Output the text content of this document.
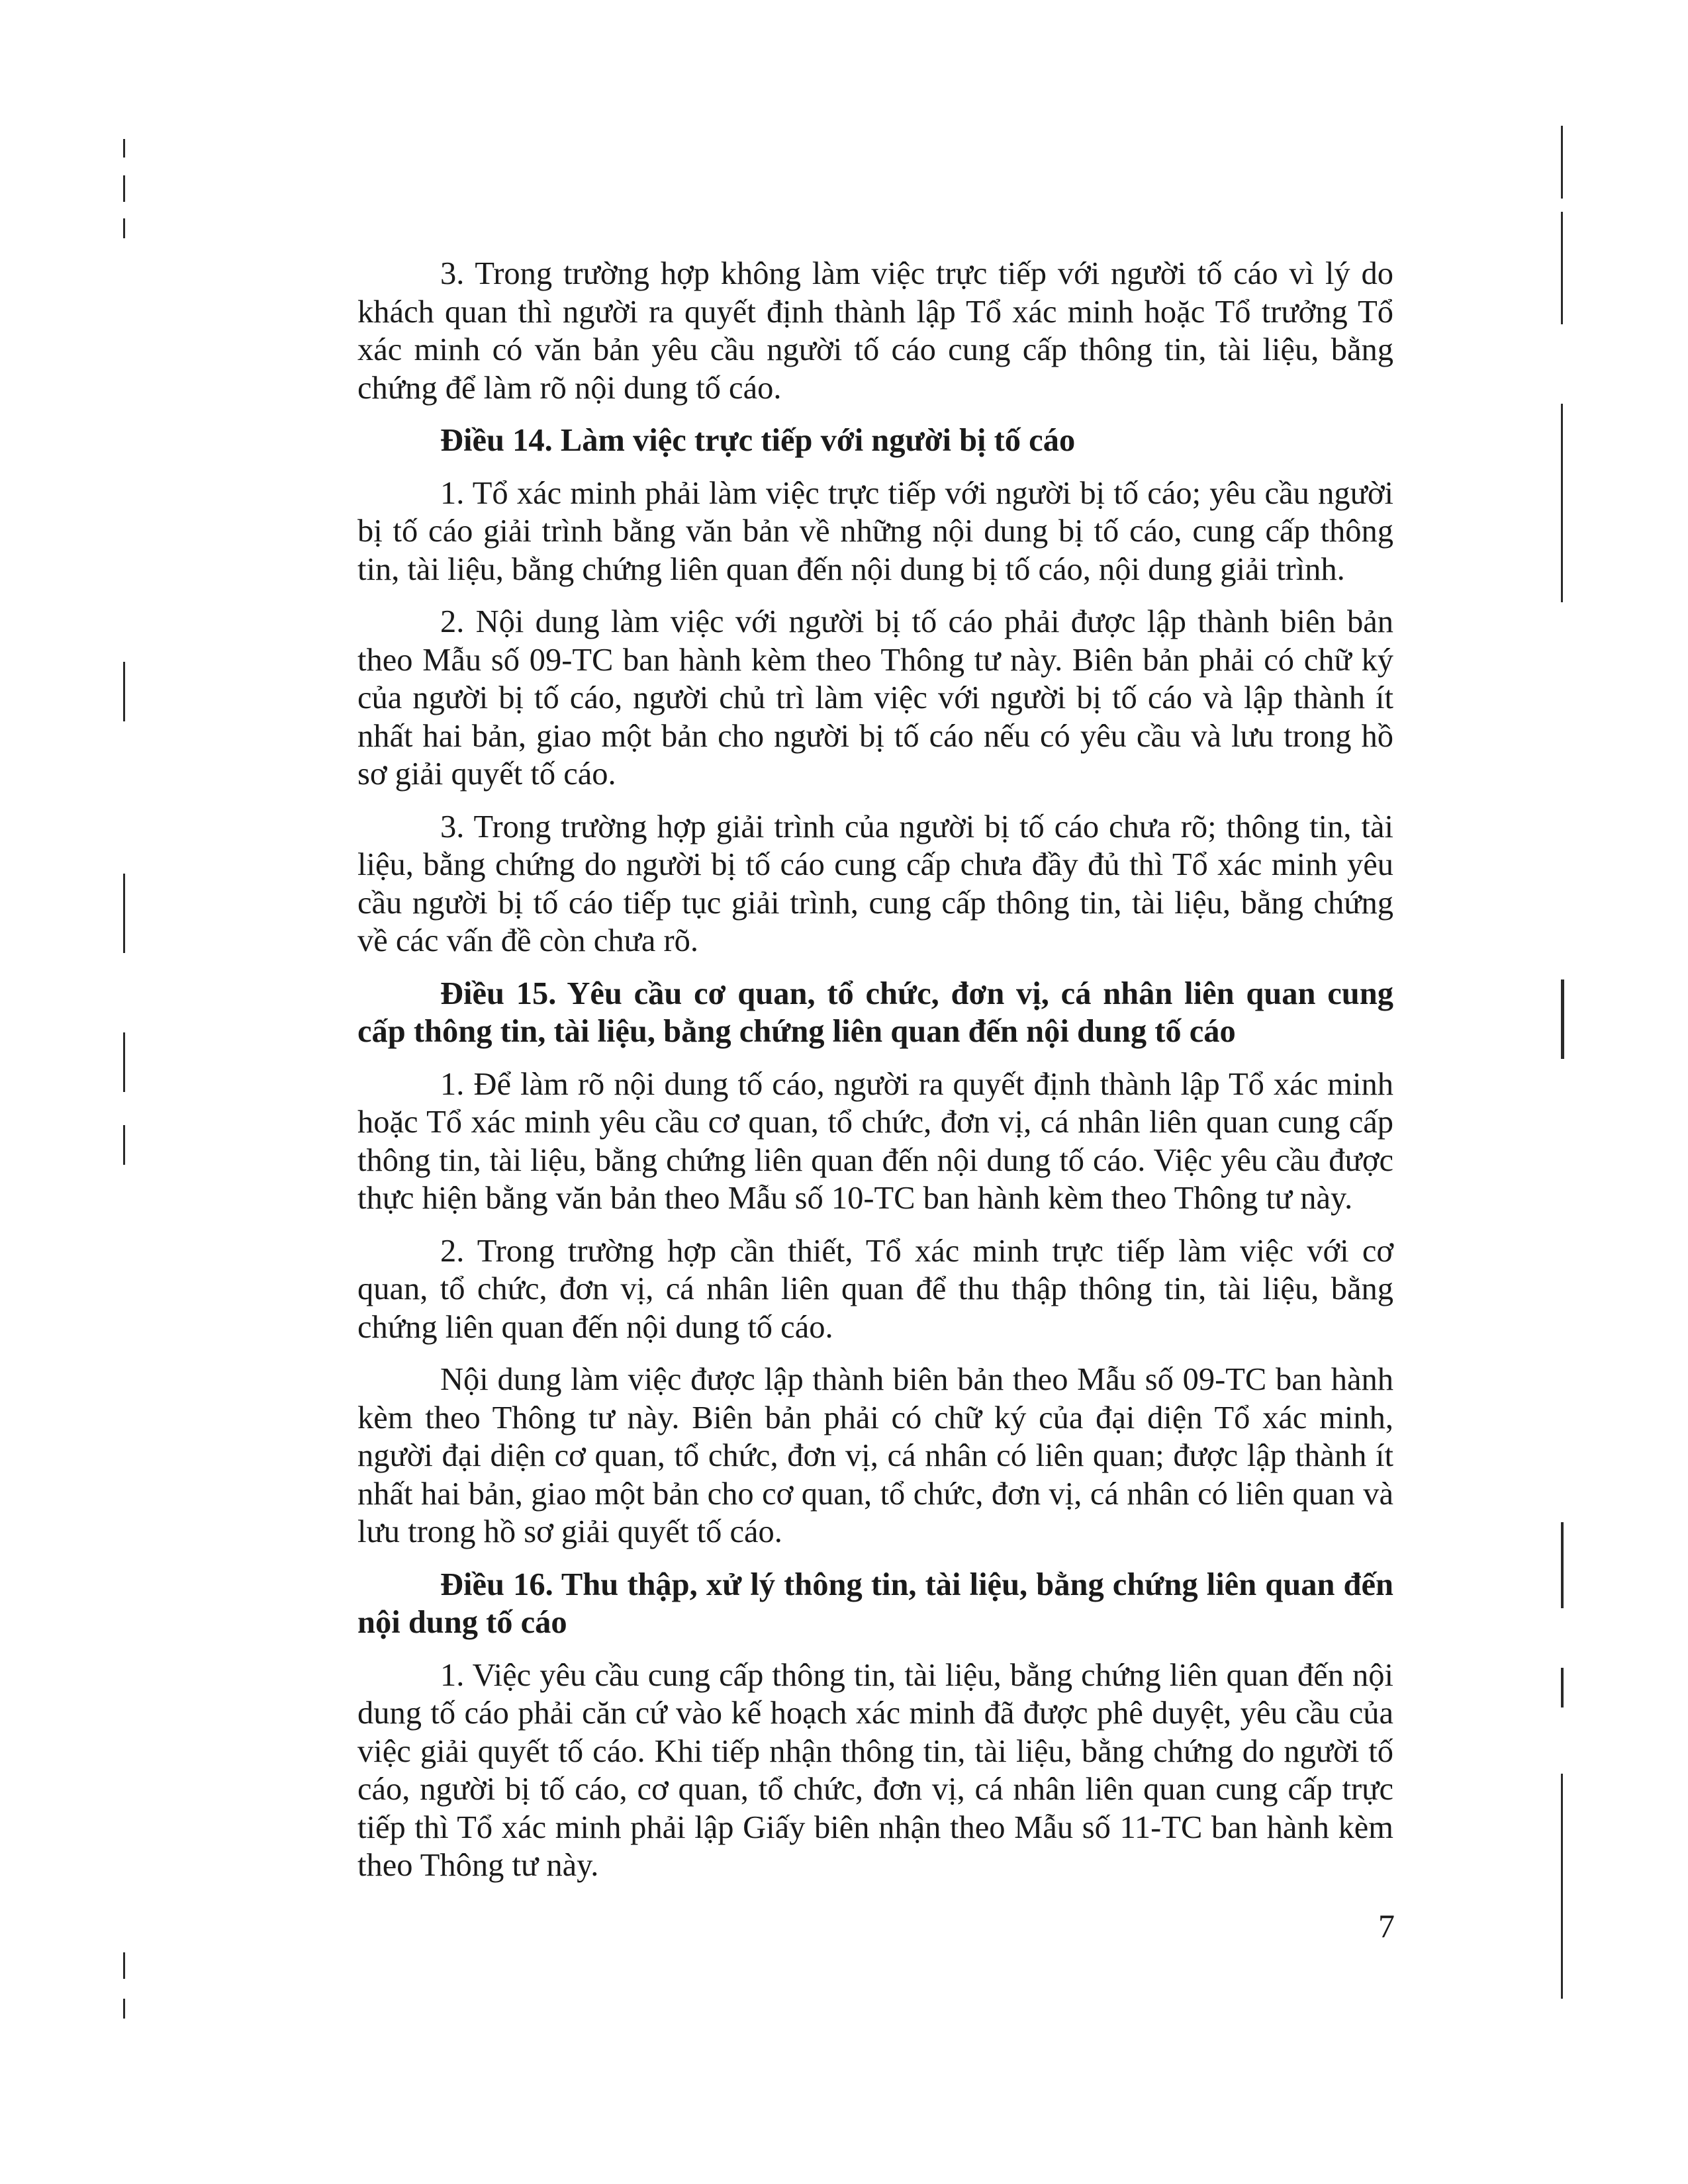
3. Trong trường hợp không làm việc trực tiếp với người tố cáo vì lý do khách quan thì người ra quyết định thành lập Tổ xác minh hoặc Tổ trưởng Tổ xác minh có văn bản yêu cầu người tố cáo cung cấp thông tin, tài liệu, bằng chứng để làm rõ nội dung tố cáo.

Điều 14. Làm việc trực tiếp với người bị tố cáo

1. Tổ xác minh phải làm việc trực tiếp với người bị tố cáo; yêu cầu người bị tố cáo giải trình bằng văn bản về những nội dung bị tố cáo, cung cấp thông tin, tài liệu, bằng chứng liên quan đến nội dung bị tố cáo, nội dung giải trình.

2. Nội dung làm việc với người bị tố cáo phải được lập thành biên bản theo Mẫu số 09-TC ban hành kèm theo Thông tư này. Biên bản phải có chữ ký của người bị tố cáo, người chủ trì làm việc với người bị tố cáo và lập thành ít nhất hai bản, giao một bản cho người bị tố cáo nếu có yêu cầu và lưu trong hồ sơ giải quyết tố cáo.

3. Trong trường hợp giải trình của người bị tố cáo chưa rõ; thông tin, tài liệu, bằng chứng do người bị tố cáo cung cấp chưa đầy đủ thì Tổ xác minh yêu cầu người bị tố cáo tiếp tục giải trình, cung cấp thông tin, tài liệu, bằng chứng về các vấn đề còn chưa rõ.

Điều 15. Yêu cầu cơ quan, tổ chức, đơn vị, cá nhân liên quan cung cấp thông tin, tài liệu, bằng chứng liên quan đến nội dung tố cáo

1. Để làm rõ nội dung tố cáo, người ra quyết định thành lập Tổ xác minh hoặc Tổ xác minh yêu cầu cơ quan, tổ chức, đơn vị, cá nhân liên quan cung cấp thông tin, tài liệu, bằng chứng liên quan đến nội dung tố cáo. Việc yêu cầu được thực hiện bằng văn bản theo Mẫu số 10-TC ban hành kèm theo Thông tư này.

2. Trong trường hợp cần thiết, Tổ xác minh trực tiếp làm việc với cơ quan, tổ chức, đơn vị, cá nhân liên quan để thu thập thông tin, tài liệu, bằng chứng liên quan đến nội dung tố cáo.

Nội dung làm việc được lập thành biên bản theo Mẫu số 09-TC ban hành kèm theo Thông tư này. Biên bản phải có chữ ký của đại diện Tổ xác minh, người đại diện cơ quan, tổ chức, đơn vị, cá nhân có liên quan; được lập thành ít nhất hai bản, giao một bản cho cơ quan, tổ chức, đơn vị, cá nhân có liên quan và lưu trong hồ sơ giải quyết tố cáo.

Điều 16. Thu thập, xử lý thông tin, tài liệu, bằng chứng liên quan đến nội dung tố cáo

1. Việc yêu cầu cung cấp thông tin, tài liệu, bằng chứng liên quan đến nội dung tố cáo phải căn cứ vào kế hoạch xác minh đã được phê duyệt, yêu cầu của việc giải quyết tố cáo. Khi tiếp nhận thông tin, tài liệu, bằng chứng do người tố cáo, người bị tố cáo, cơ quan, tổ chức, đơn vị, cá nhân liên quan cung cấp trực tiếp thì Tổ xác minh phải lập Giấy biên nhận theo Mẫu số 11-TC ban hành kèm theo Thông tư này.

7
